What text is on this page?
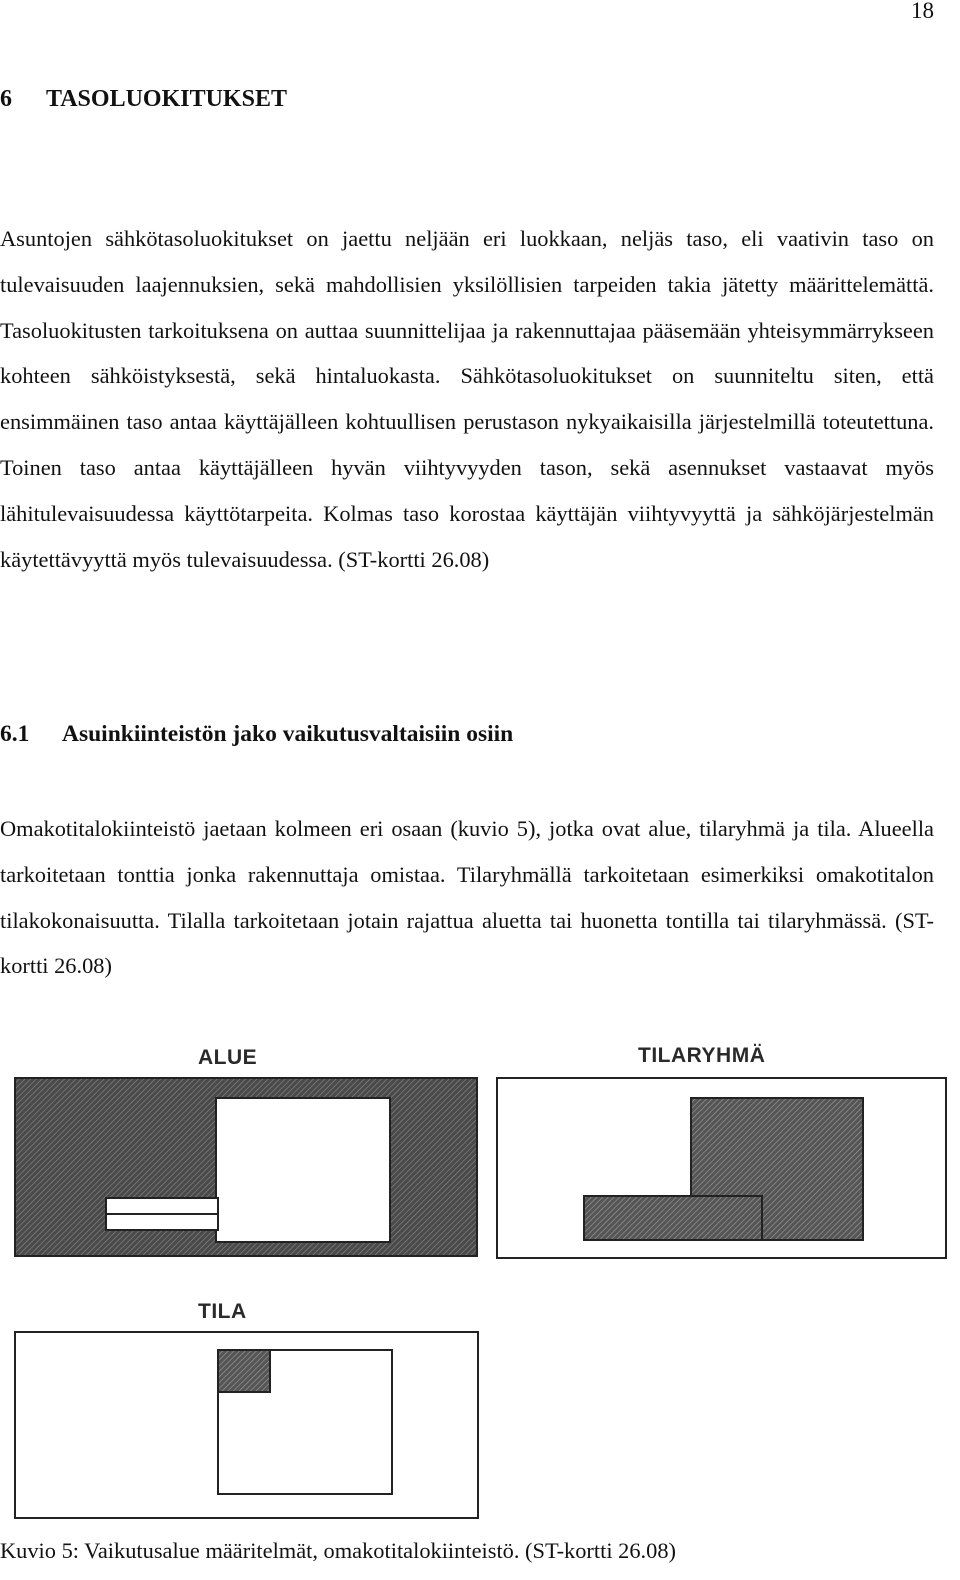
18
6 TASOLUOKITUKSET

Asuntojen sähkötasoluokitukset on jaettu neljään eri luokkaan, neljäs taso, eli vaativin taso on tulevaisuuden laajennuksien, sekä mahdollisien yksilöllisien tarpeiden takia jätetty määrittelemättä. Tasoluokitusten tarkoituksena on auttaa suunnittelijaa ja rakennuttajaa pääsemään yhteisymmärrykseen kohteen sähköistyksestä, sekä hintaluokasta. Sähkötasoluokitukset on suunniteltu siten, että ensimmäinen taso antaa käyttäjälleen kohtuullisen perustason nykyaikaisilla järjestelmillä toteutettuna. Toinen taso antaa käyttäjälleen hyvän viihtyvyyden tason, sekä asennukset vastaavat myös lähitulevaisuudessa käyttötarpeita. Kolmas taso korostaa käyttäjän viihtyvyyttä ja sähköjärjestelmän käytettävyyttä myös tulevaisuudessa. (ST-kortti 26.08)

6.1 Asuinkiinteistön jako vaikutusvaltaisiin osiin

Omakotitalokiinteistö jaetaan kolmeen eri osaan (kuvio 5), jotka ovat alue, tilaryhmä ja tila. Alueella tarkoitetaan tonttia jonka rakennuttaja omistaa. Tilaryhmällä tarkoitetaan esimerkiksi omakotitalon tilakokonaisuutta. Tilalla tarkoitetaan jotain rajattua aluetta tai huonetta tontilla tai tilaryhmässä. (ST-kortti 26.08)

ALUE	TILARYHMÄ
TILA

Kuvio 5: Vaikutusalue määritelmät, omakotitalokiinteistö. (ST-kortti 26.08)
